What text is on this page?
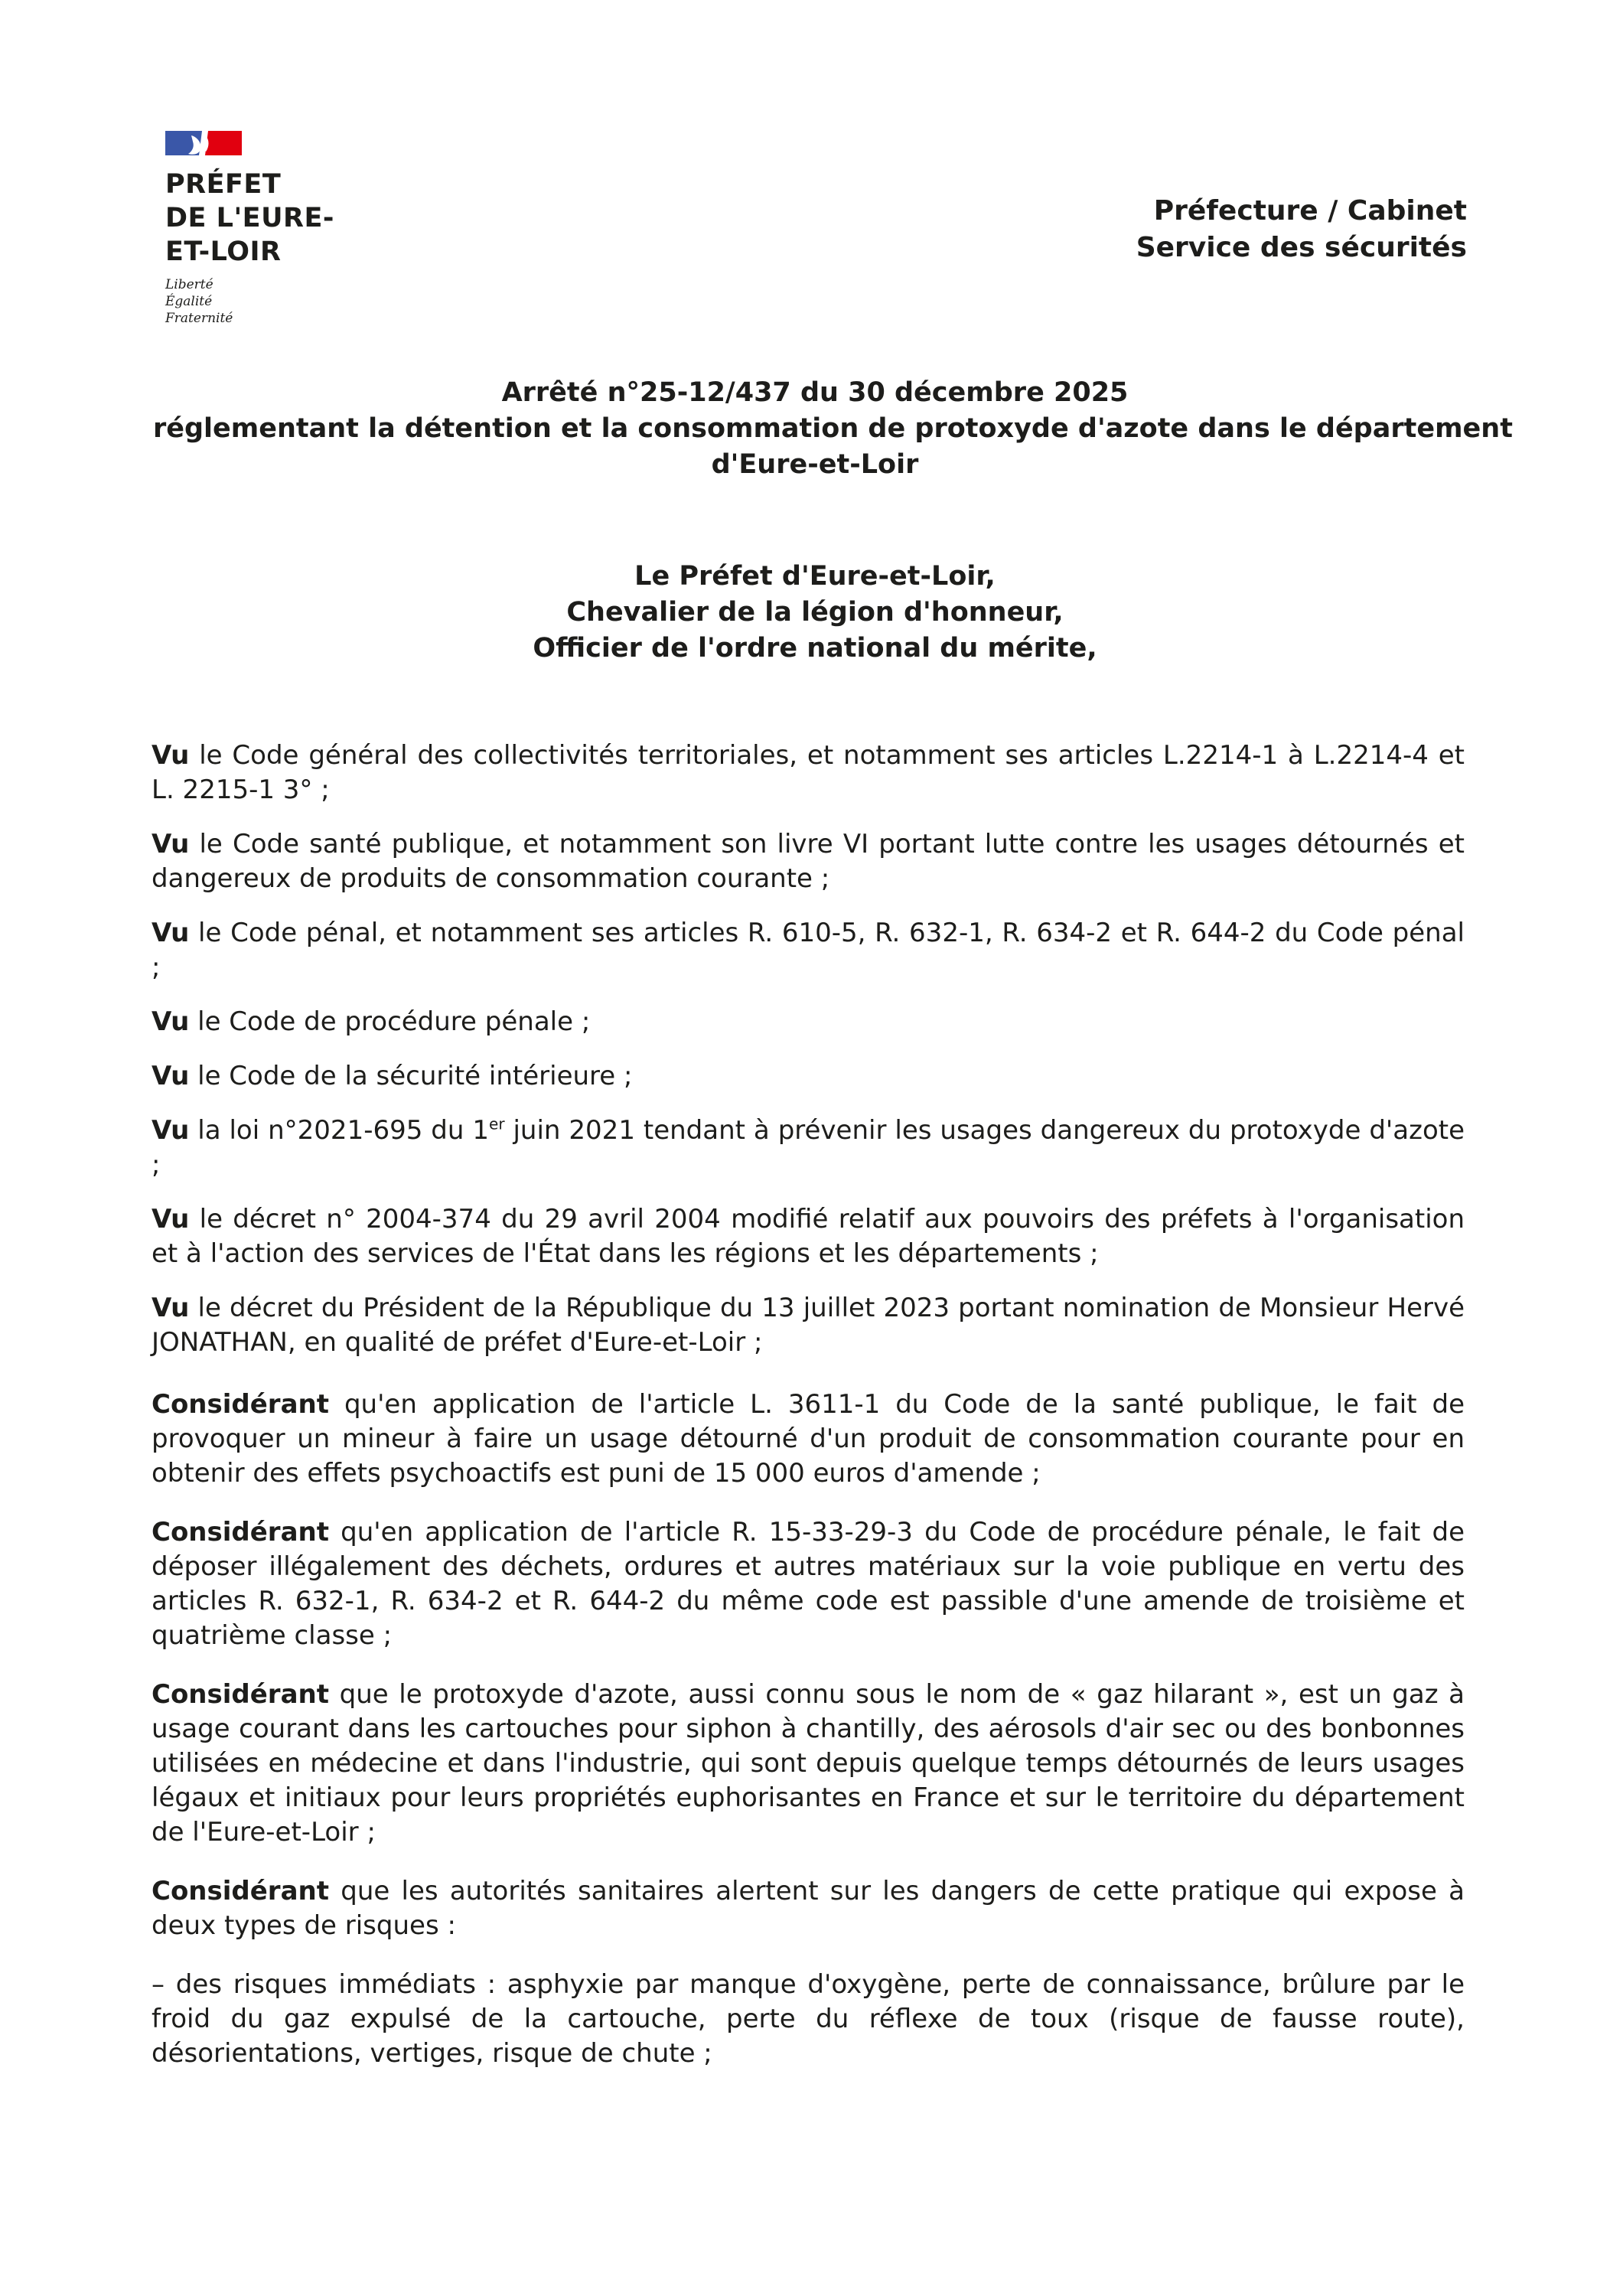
PRÉFET
DE L'EURE-
ET-LOIR
Liberté
Égalité
Fraternité
Préfecture / Cabinet
Service des sécurités
Arrêté n°25-12/437 du 30 décembre 2025
réglementant la détention et la consommation de protoxyde d'azote dans le département
d'Eure-et-Loir
Le Préfet d'Eure-et-Loir,
Chevalier de la légion d'honneur,
Officier de l'ordre national du mérite,

Vu le Code général des collectivités territoriales, et notamment ses articles L.2214-1 à L.2214-4 et L. 2215-1 3° ;

Vu le Code santé publique, et notamment son livre VI portant lutte contre les usages détournés et dangereux de produits de consommation courante ;

Vu le Code pénal, et notamment ses articles R. 610-5, R. 632-1, R. 634-2 et R. 644-2 du Code pénal ;

Vu le Code de procédure pénale ;

Vu le Code de la sécurité intérieure ;

Vu la loi n°2021-695 du 1er juin 2021 tendant à prévenir les usages dangereux du protoxyde d'azote ;

Vu le décret n° 2004-374 du 29 avril 2004 modifié relatif aux pouvoirs des préfets à l'organisation et à l'action des services de l'État dans les régions et les départements ;

Vu le décret du Président de la République du 13 juillet 2023 portant nomination de Monsieur Hervé JONATHAN, en qualité de préfet d'Eure-et-Loir ;

Considérant qu'en application de l'article L. 3611-1 du Code de la santé publique, le fait de provoquer un mineur à faire un usage détourné d'un produit de consommation courante pour en obtenir des effets psychoactifs est puni de 15 000 euros d'amende ;

Considérant qu'en application de l'article R. 15-33-29-3 du Code de procédure pénale, le fait de déposer illégalement des déchets, ordures et autres matériaux sur la voie publique en vertu des articles R. 632-1, R. 634-2 et R. 644-2 du même code est passible d'une amende de troisième et quatrième classe ;

Considérant que le protoxyde d'azote, aussi connu sous le nom de « gaz hilarant », est un gaz à usage courant dans les cartouches pour siphon à chantilly, des aérosols d'air sec ou des bonbonnes utilisées en médecine et dans l'industrie, qui sont depuis quelque temps détournés de leurs usages légaux et initiaux pour leurs propriétés euphorisantes en France et sur le territoire du département de l'Eure-et-Loir ;

Considérant que les autorités sanitaires alertent sur les dangers de cette pratique qui expose à deux types de risques :

– des risques immédiats : asphyxie par manque d'oxygène, perte de connaissance, brûlure par le froid du gaz expulsé de la cartouche, perte du réflexe de toux (risque de fausse route), désorientations, vertiges, risque de chute ;
